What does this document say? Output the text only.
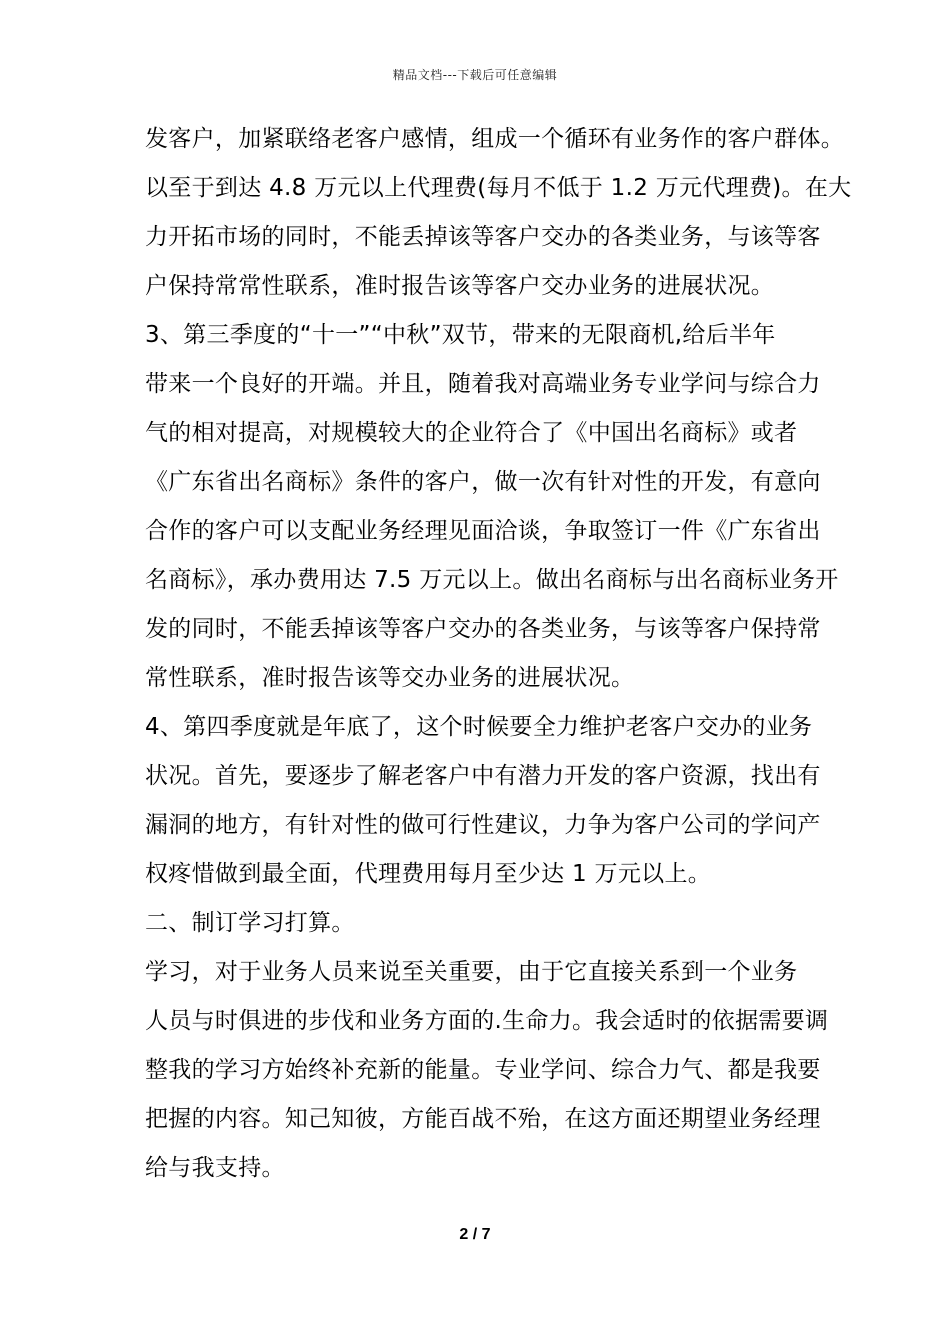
精品文档---下载后可任意编辑
发客户，加紧联络老客户感情，组成一个循环有业务作的客户群体。
以至于到达 4.8 万元以上代理费(每月不低于 1.2 万元代理费)。在大
力开拓市场的同时，不能丢掉该等客户交办的各类业务，与该等客
户保持常常性联系，准时报告该等客户交办业务的进展状况。
3、第三季度的“十一”“中秋”双节，带来的无限商机,给后半年
带来一个良好的开端。并且，随着我对高端业务专业学问与综合力
气的相对提高，对规模较大的企业符合了《中国出名商标》或者
《广东省出名商标》条件的客户，做一次有针对性的开发，有意向
合作的客户可以支配业务经理见面洽谈，争取签订一件《广东省出
名商标》，承办费用达 7.5 万元以上。做出名商标与出名商标业务开
发的同时，不能丢掉该等客户交办的各类业务，与该等客户保持常
常性联系，准时报告该等交办业务的进展状况。
4、第四季度就是年底了，这个时候要全力维护老客户交办的业务
状况。首先，要逐步了解老客户中有潜力开发的客户资源，找出有
漏洞的地方，有针对性的做可行性建议，力争为客户公司的学问产
权疼惜做到最全面，代理费用每月至少达 1 万元以上。
二、制订学习打算。
学习，对于业务人员来说至关重要，由于它直接关系到一个业务
人员与时俱进的步伐和业务方面的.生命力。我会适时的依据需要调
整我的学习方始终补充新的能量。专业学问、综合力气、都是我要
把握的内容。知己知彼，方能百战不殆，在这方面还期望业务经理
给与我支持。
2 / 7
